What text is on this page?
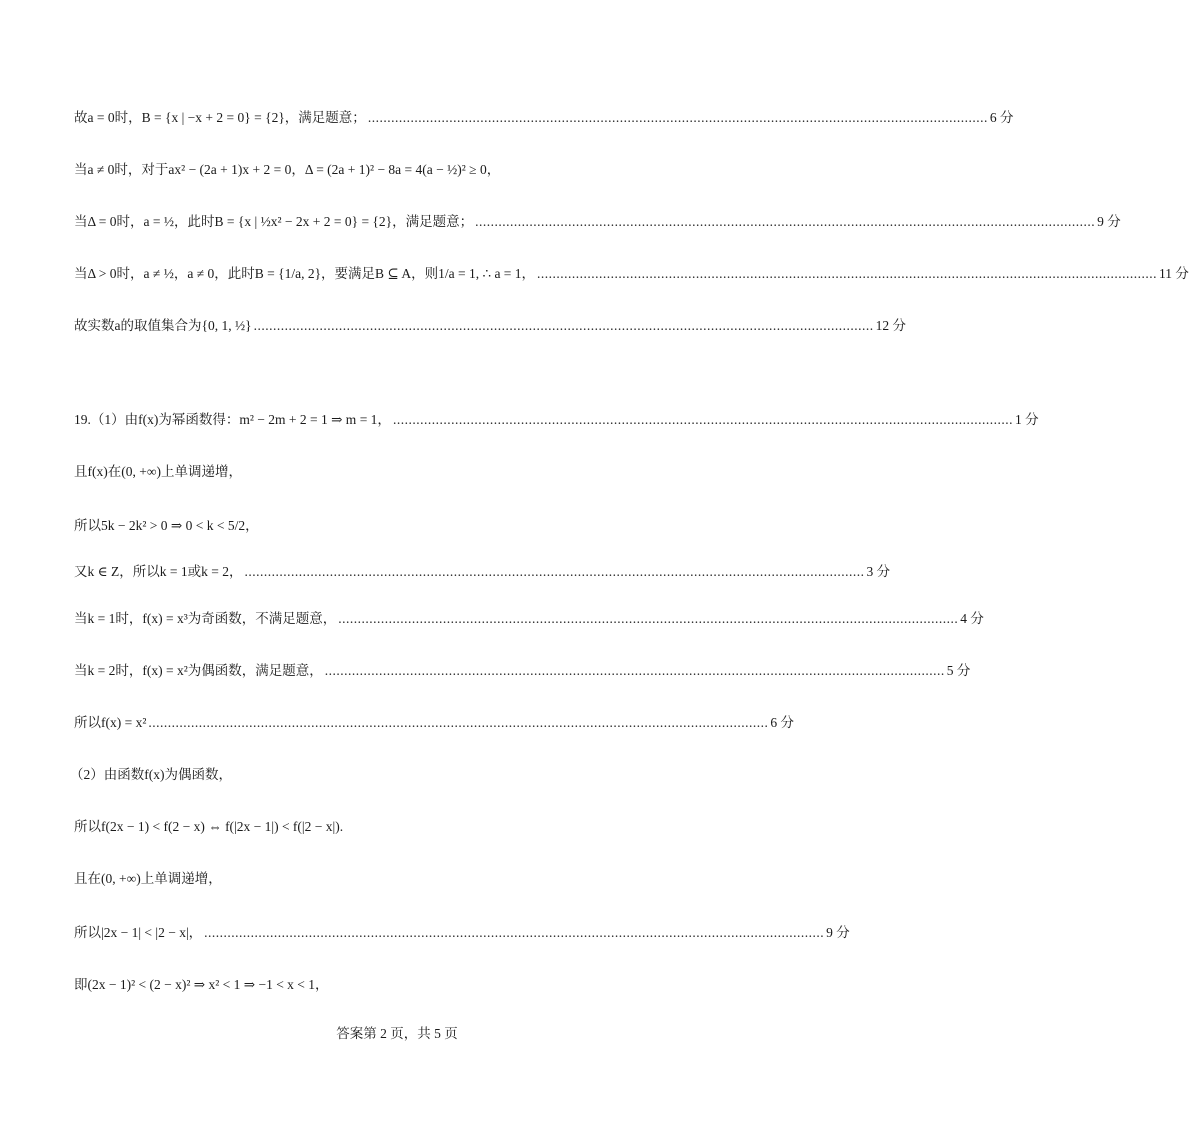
故a = 0时，B = {x | −x + 2 = 0} = {2}，满足题意； ................................................................................................................................................................ 6 分
当a ≠ 0时，对于ax² − (2a + 1)x + 2 = 0，Δ = (2a + 1)² − 8a = 4(a − ½)² ≥ 0，
当Δ = 0时，a = ½，此时B = {x | ½x² − 2x + 2 = 0} = {2}，满足题意； ................................................................................................................................................................ 9 分
当Δ > 0时，a ≠ ½，a ≠ 0，此时B = {1/a, 2}，要满足B ⊆ A，则1/a = 1, ∴ a = 1， ................................................................................................................................................................ 11 分
故实数a的取值集合为{0, 1, ½} ................................................................................................................................................................ 12 分
19.（1）由f(x)为幂函数得：m² − 2m + 2 = 1 ⇒ m = 1， ................................................................................................................................................................ 1 分
且f(x)在(0, +∞)上单调递增，
所以5k − 2k² > 0 ⇒ 0 < k < 5/2，
又k ∈ Z，所以k = 1或k = 2， ................................................................................................................................................................ 3 分
当k = 1时，f(x) = x³为奇函数，不满足题意， ................................................................................................................................................................ 4 分
当k = 2时，f(x) = x²为偶函数，满足题意， ................................................................................................................................................................ 5 分
所以f(x) = x² ................................................................................................................................................................ 6 分
（2）由函数f(x)为偶函数，
所以f(2x − 1) < f(2 − x) ⇔ f(|2x − 1|) < f(|2 − x|).
且在(0, +∞)上单调递增，
所以|2x − 1| < |2 − x|， ................................................................................................................................................................ 9 分
即(2x − 1)² < (2 − x)² ⇒ x² < 1 ⇒ −1 < x < 1，
答案第 2 页，共 5 页
